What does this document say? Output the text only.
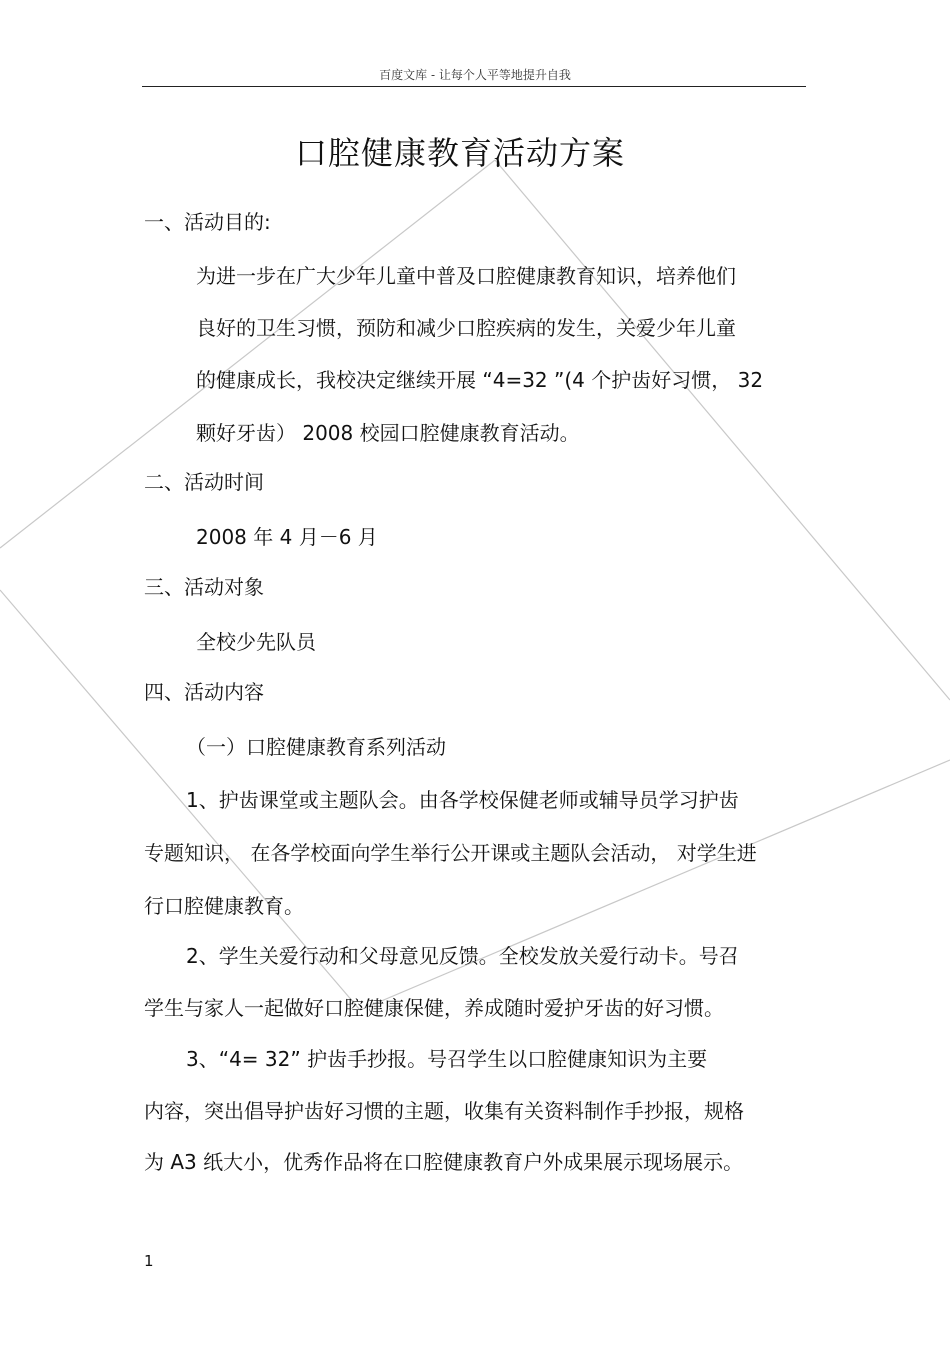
百度文库 - 让每个人平等地提升自我
口腔健康教育活动方案
一、活动目的:
为进一步在广大少年儿童中普及口腔健康教育知识，培养他们
良好的卫生习惯，预防和减少口腔疾病的发生，关爱少年儿童
的健康成长，我校决定继续开展 “4=32 ”(4 个护齿好习惯， 32
颗好牙齿） 2008 校园口腔健康教育活动。
二、活动时间
2008 年 4 月－6 月
三、活动对象
全校少先队员
四、活动内容
（一）口腔健康教育系列活动
1、护齿课堂或主题队会。由各学校保健老师或辅导员学习护齿
专题知识， 在各学校面向学生举行公开课或主题队会活动， 对学生进
行口腔健康教育。
2、学生关爱行动和父母意见反馈。全校发放关爱行动卡。号召
学生与家人一起做好口腔健康保健，养成随时爱护牙齿的好习惯。
3、“4= 32” 护齿手抄报。号召学生以口腔健康知识为主要
内容，突出倡导护齿好习惯的主题，收集有关资料制作手抄报，规格
为 A3 纸大小，优秀作品将在口腔健康教育户外成果展示现场展示。
1
